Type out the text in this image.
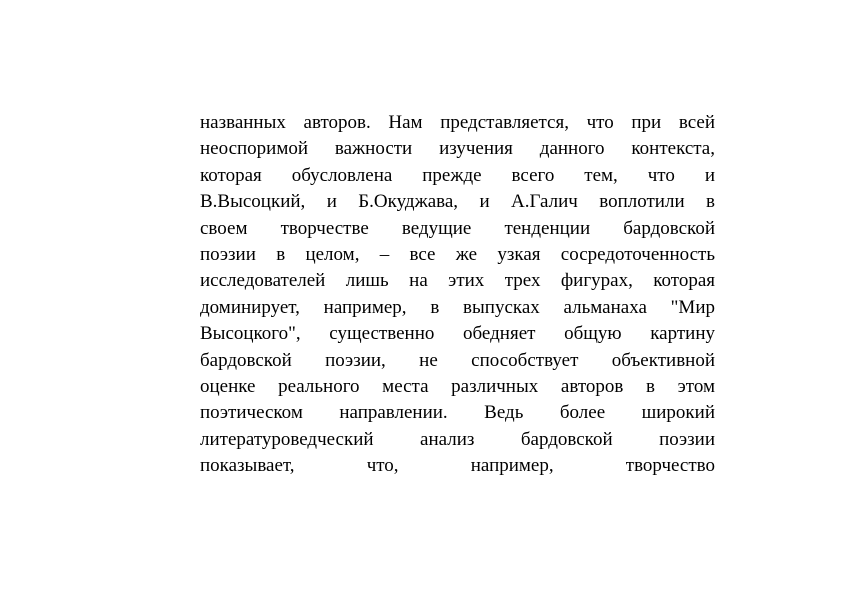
названных авторов. Нам представляется, что при всей
неоспоримой важности изучения данного контекста,
которая обусловлена прежде всего тем, что и
В.Высоцкий, и Б.Окуджава, и А.Галич воплотили в
своем творчестве ведущие тенденции бардовской
поэзии в целом, – все же узкая сосредоточенность
исследователей лишь на этих трех фигурах, которая
доминирует, например, в выпусках альманаха "Мир
Высоцкого", существенно обедняет общую картину
бардовской поэзии, не способствует объективной
оценке реального места различных авторов в этом
поэтическом направлении. Ведь более широкий
литературоведческий анализ бардовской поэзии
показывает, что, например, творчество
